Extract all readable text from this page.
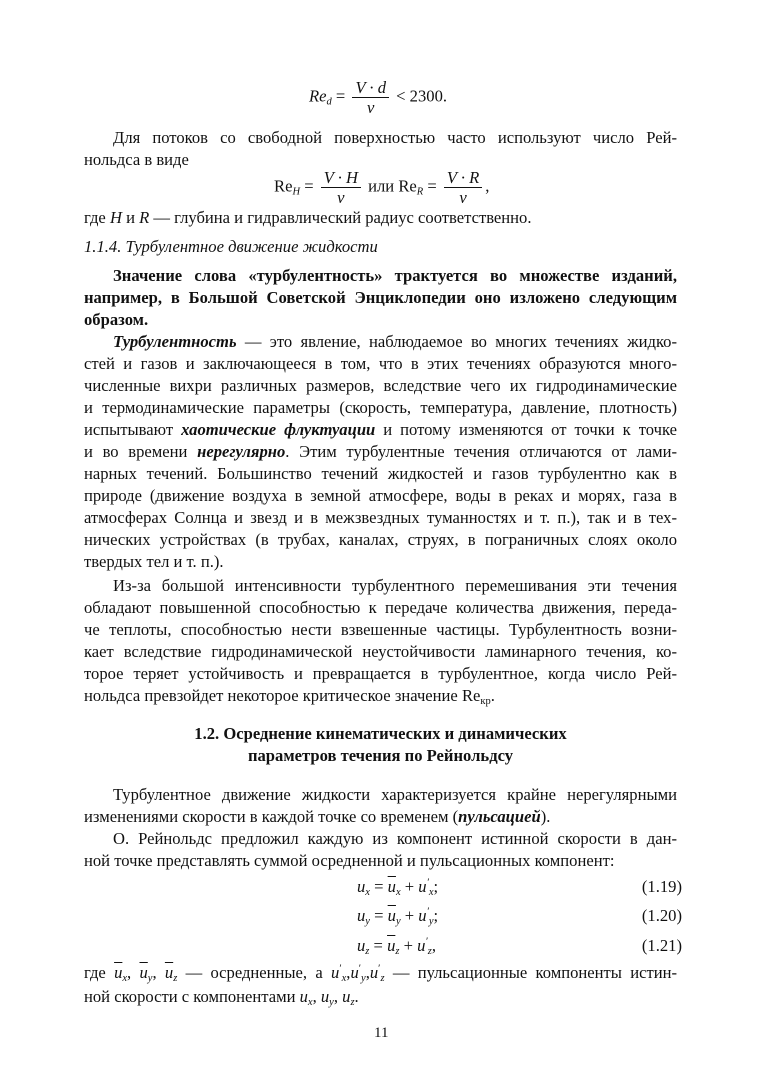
$Re_d = \frac{V \cdot d}{\nu} < 2300$.
Для потоков со свободной поверхностью часто используют число Рей-
нольдса в виде
$Re_H = \frac{V \cdot H}{\nu}$ или $Re_R = \frac{V \cdot R}{\nu}$ ,
где H и R — глубина и гидравлический радиус соответственно.
1.1.4. Турбулентное движение жидкости
Значение слова «турбулентность» трактуется во множестве изданий,
например, в Большой Советской Энциклопедии оно изложено следующим
образом.
Турбулентность — это явление, наблюдаемое во многих течениях жидко-
стей и газов и заключающееся в том, что в этих течениях образуются много-
численные вихри различных размеров, вследствие чего их гидродинамические
и термодинамические параметры (скорость, температура, давление, плотность)
испытывают хаотические флуктуации и потому изменяются от точки к точке
и во времени нерегулярно. Этим турбулентные течения отличаются от лами-
нарных течений. Большинство течений жидкостей и газов турбулентно как в
природе (движение воздуха в земной атмосфере, воды в реках и морях, газа в
атмосферах Солнца и звезд и в межзвездных туманностях и т. п.), так и в тех-
нических устройствах (в трубах, каналах, струях, в пограничных слоях около
твердых тел и т. п.).
Из-за большой интенсивности турбулентного перемешивания эти течения
обладают повышенной способностью к передаче количества движения, переда-
че теплоты, способностью нести взвешенные частицы. Турбулентность возни-
кает вследствие гидродинамической неустойчивости ламинарного течения, ко-
торое теряет устойчивость и превращается в турбулентное, когда число Рей-
нольдса превзойдет некоторое критическое значение $Re_{кр}$.
1.2. Осреднение кинематических и динамических
параметров течения по Рейнольдсу
Турбулентное движение жидкости характеризуется крайне нерегулярными
изменениями скорости в каждой точке со временем (пульсацией).
О. Рейнольдс предложил каждую из компонент истинной скорости в дан-
ной точке представлять суммой осредненной и пульсационных компонент:
$u_x = \overline{u}_x + u'_x$;	(1.19)
$u_y = \overline{u}_y + u'_y$;	(1.20)
$u_z = \overline{u}_z + u'_z$,	(1.21)
где $\overline{u}_x$, $\overline{u}_y$, $\overline{u}_z$ — осредненные, а $u'_x,u'_y,u'_z$ — пульсационные компоненты истин-
ной скорости с компонентами $u_x$, $u_y$, $u_z$.
11
